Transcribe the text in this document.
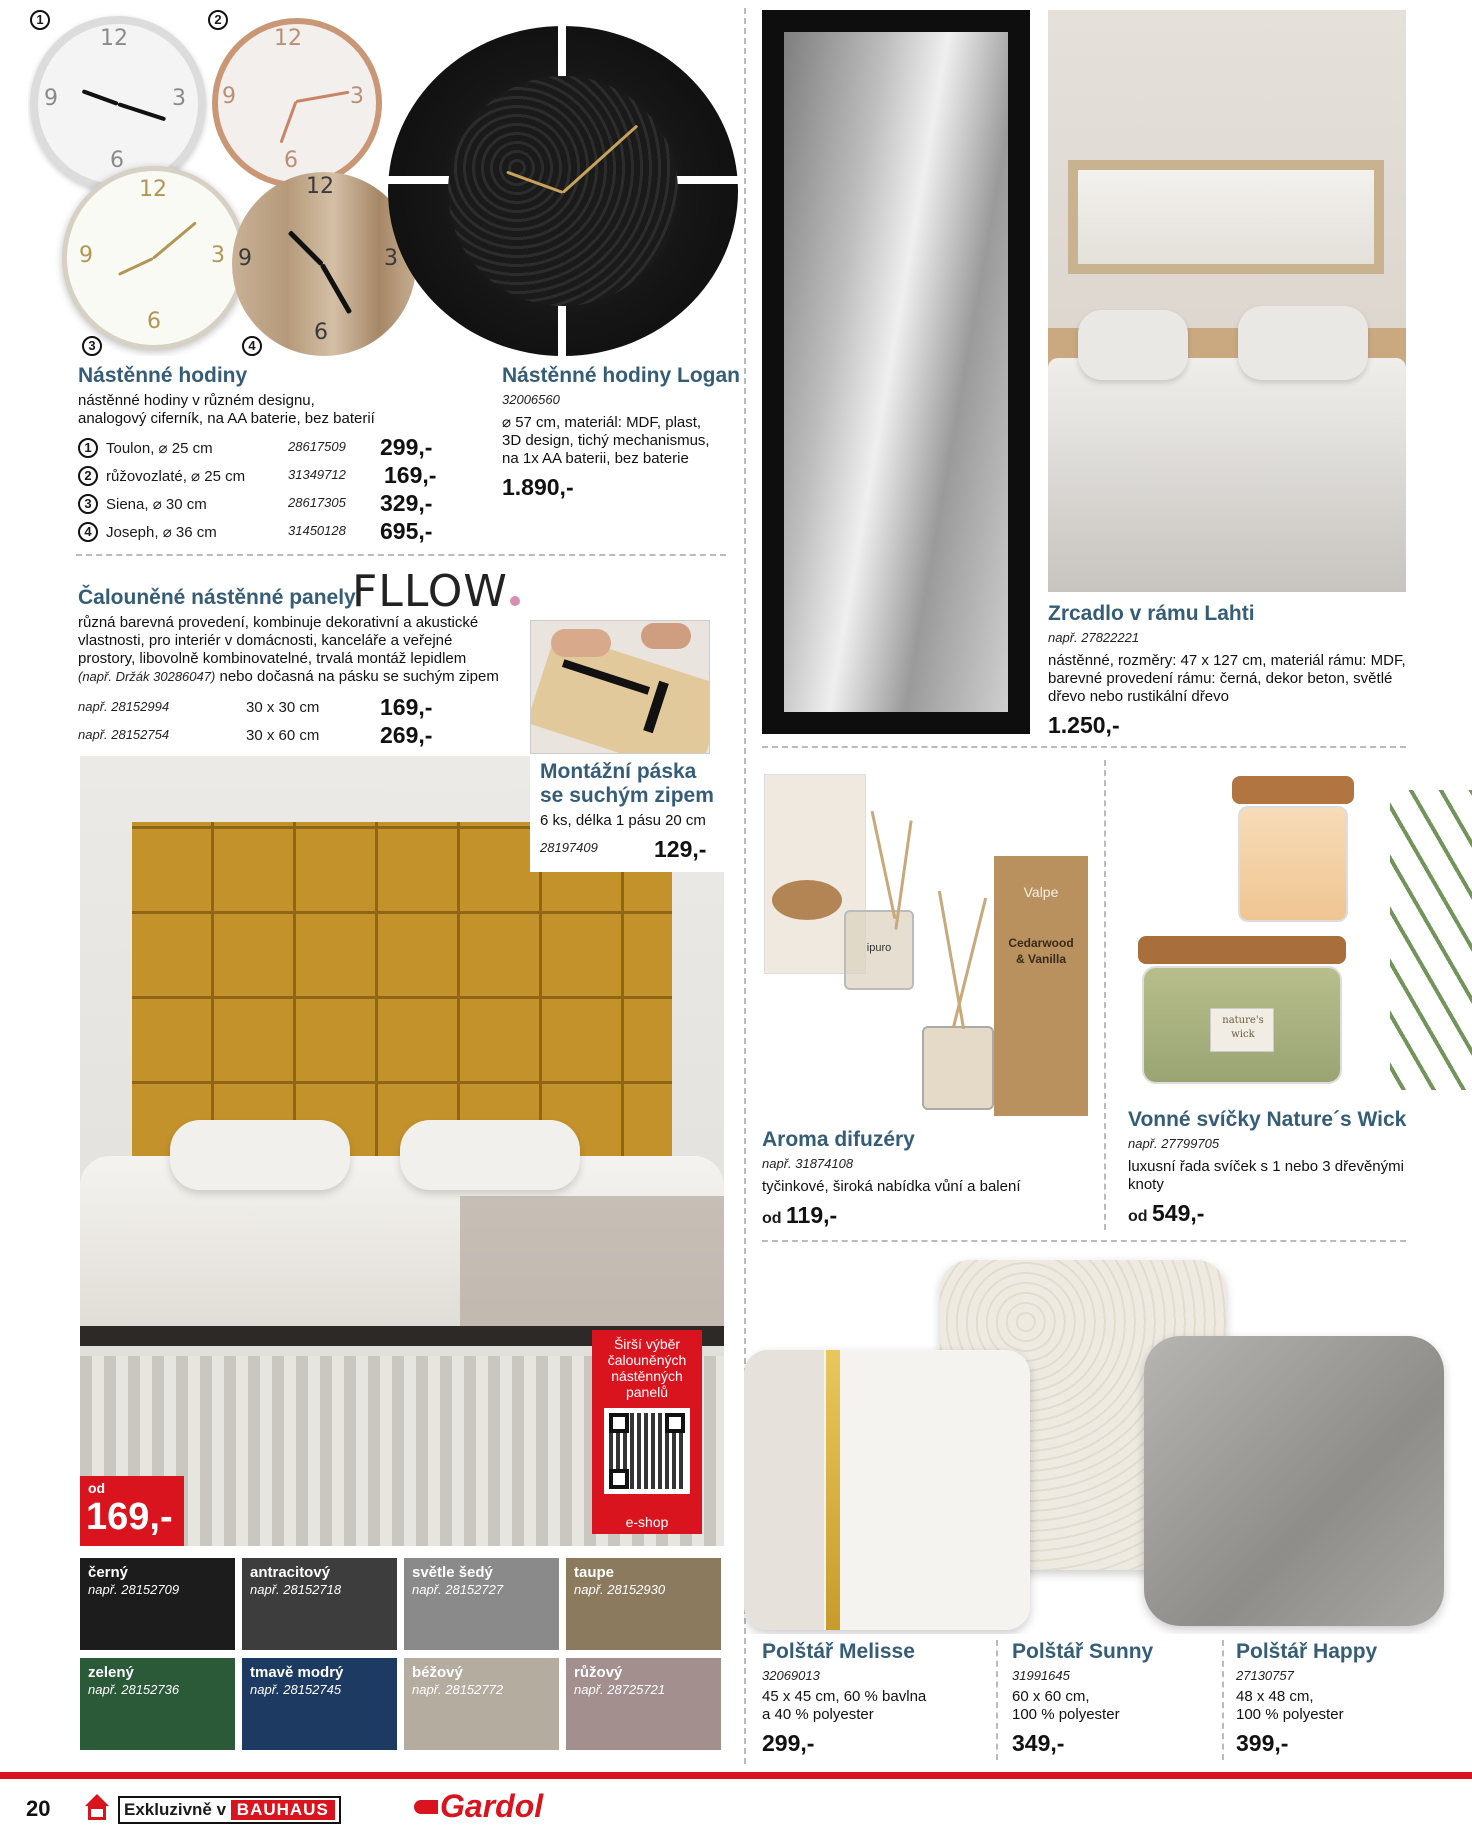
12
3
6
9
12
3
6
9
12
3
6
9
12
3
6
9
1	2
3	4
Nástěnné hodiny
nástěnné hodiny v různém designu,
analogový ciferník, na AA baterie, bez baterií
1 Toulon, ⌀ 25 cm	28617509 299,-
2 růžovozlaté, ⌀ 25 cm	31349712 169,-
3 Siena, ⌀ 30 cm	28617305 329,-
4 Joseph, ⌀ 36 cm	31450128 695,-
Nástěnné hodiny Logan
32006560
⌀ 57 cm, materiál: MDF, plast,
3D design, tichý mechanismus,
na 1x AA baterii, bez baterie
1.890,-
Čalouněné nástěnné panely
FLLOW
různá barevná provedení, kombinuje dekorativní a akustické
vlastnosti, pro interiér v domácnosti, kanceláře a veřejné
prostory, libovolně kombinovatelné, trvalá montáž lepidlem
(např. Držák 30286047) nebo dočasná na pásku se suchým zipem
např. 28152994	30 x 30 cm	169,-
např. 28152754	30 x 60 cm	269,-
Montážní páska
se suchým zipem
6 ks, délka 1 pásu 20 cm
28197409 129,-
od
169,-
Širší výběr
čalouněných
nástěnných
panelů
e-shop
černý
např. 28152709
antracitový
např. 28152718
světle šedý
např. 28152727
taupe
např. 28152930
zelený
např. 28152736
tmavě modrý
např. 28152745
béžový
např. 28152772
růžový
např. 28725721
Zrcadlo v rámu Lahti
např. 27822221
nástěnné, rozměry: 47 x 127 cm, materiál rámu: MDF,
barevné provedení rámu: černá, dekor beton, světlé
dřevo nebo rustikální dřevo
1.250,-
Valpe
Cedarwood
& Vanilla
ipuro
Aroma difuzéry
např. 31874108
tyčinkové, široká nabídka vůní a balení
od 119,-
nature's
wick
Vonné svíčky Nature´s Wick
např. 27799705
luxusní řada svíček s 1 nebo 3 dřevěnými
knoty
od 549,-
Polštář Melisse
32069013
45 x 45 cm, 60 % bavlna
a 40 % polyester
299,-
Polštář Sunny
31991645
60 x 60 cm,
100 % polyester
349,-
Polštář Happy
27130757
48 x 48 cm,
100 % polyester
399,-
20	Exkluzivně v BAUHAUS	Gardol
